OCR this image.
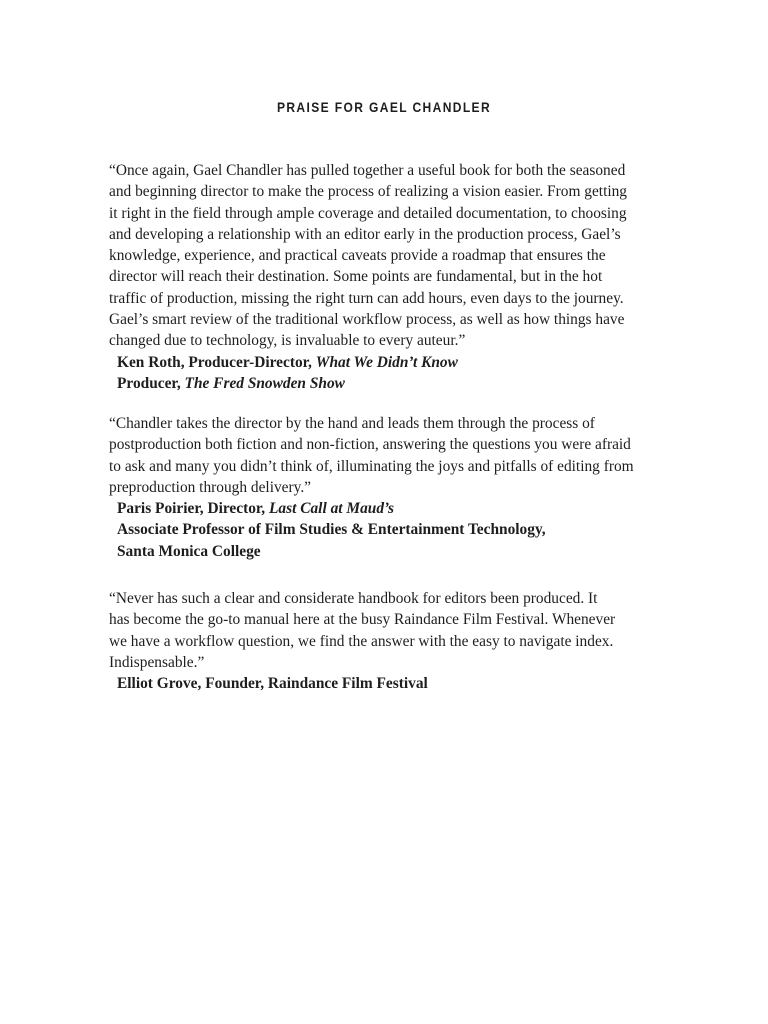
PRAISE FOR GAEL CHANDLER

“Once again, Gael Chandler has pulled together a useful book for both the seasoned
and beginning director to make the process of realizing a vision easier. From getting
it right in the field through ample coverage and detailed documentation, to choosing
and developing a relationship with an editor early in the production process, Gael’s
knowledge, experience, and practical caveats provide a roadmap that ensures the
director will reach their destination. Some points are fundamental, but in the hot
traffic of production, missing the right turn can add hours, even days to the journey.
Gael’s smart review of the traditional workflow process, as well as how things have
changed due to technology, is invaluable to every auteur.”

Ken Roth, Producer-Director, What We Didn’t Know
Producer, The Fred Snowden Show

“Chandler takes the director by the hand and leads them through the process of
postproduction both fiction and non-fiction, answering the questions you were afraid
to ask and many you didn’t think of, illuminating the joys and pitfalls of editing from
preproduction through delivery.”

Paris Poirier, Director, Last Call at Maud’s
Associate Professor of Film Studies & Entertainment Technology,
Santa Monica College

“Never has such a clear and considerate handbook for editors been produced. It
has become the go-to manual here at the busy Raindance Film Festival. Whenever
we have a workflow question, we find the answer with the easy to navigate index.
Indispensable.”

Elliot Grove, Founder, Raindance Film Festival
